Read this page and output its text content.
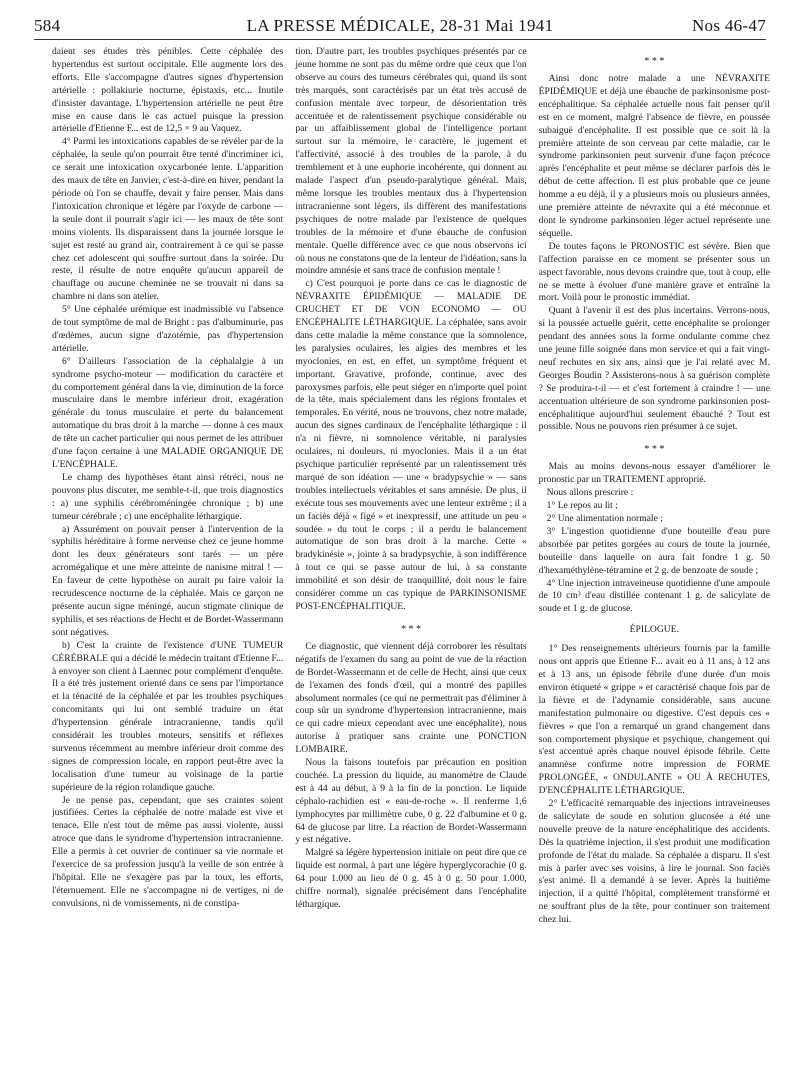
584	LA PRESSE MÉDICALE, 28-31 Mai 1941	Nos 46-47

daient ses études très pénibles. Cette céphalée des hypertendus est surtout occipitale. Elle augmente lors des efforts. Elle s'accompagne d'autres signes d'hypertension artérielle : pollakiurie nocturne, épistaxis, etc... Inutile d'insister davantage. L'hypertension artérielle ne peut être mise en cause dans le cas actuel puisque la pression artérielle d'Etienne F... est de 12,5 × 9 au Vaquez.

4° Parmi les intoxications capables de se révéler par de la céphalée, la seule qu'on pourrait être tenté d'incriminer ici, ce serait une intoxication oxycarbonée lente. L'apparition des maux de tête en Janvier, c'est-à-dire en hiver, pendant la période où l'on se chauffe, devait y faire penser. Mais dans l'intoxication chronique et légère par l'oxyde de carbone — la seule dont il pourrait s'agir ici — les maux de tête sont moins violents. Ils disparaissent dans la journée lorsque le sujet est resté au grand air, contrairement à ce qui se passe chez cet adolescent qui souffre surtout dans la soirée. Du reste, il résulte de notre enquête qu'aucun appareil de chauffage ou aucune cheminée ne se trouvait ni dans sa chambre ni dans son atelier.

5° Une céphalée urémique est inadmissible vu l'absence de tout symptôme de mal de Bright : pas d'albuminurie, pas d'œdèmes, aucun signe d'azotémie, pas d'hypertension artérielle.

6° D'ailleurs l'association de la céphalalgie à un syndrome psycho-moteur — modification du caractère et du comportement général dans la vie, diminution de la force musculaire dans le membre inférieur droit, exagération générale du tonus musculaire et perte du balancement automatique du bras droit à la marche — donne à ces maux de tête un cachet particulier qui nous permet de les attribuer d'une façon certaine à une MALADIE ORGANIQUE DE L'ENCÉPHALE.

Le champ des hypothèses étant ainsi rétréci, nous ne pouvons plus discuter, me semble-t-il, que trois diagnostics : a) une syphilis cérébroméningée chronique ; b) une tumeur cérébrale ; c) une encéphalite léthargique.

a) Assurément on pouvait penser à l'intervention de la syphilis héréditaire à forme nerveuse chez ce jeune homme dont les deux générateurs sont tarés — un père acromégalique et une mère atteinte de nanisme mitral ! — En faveur de cette hypothèse on aurait pu faire valoir la recrudescence nocturne de la céphalée. Mais ce garçon ne présente aucun signe méningé, aucun stigmate clinique de syphilis, et ses réactions de Hecht et de Bordet-Wassermann sont négatives.

b) C'est la crainte de l'existence d'UNE TUMEUR CÉRÉBRALE qui a décidé le médecin traitant d'Etienne F... à envoyer son client à Laennec pour complément d'enquête. Il a été très justement orienté dans ce sens par l'importance et la ténacité de la céphalée et par les troubles psychiques concomitants qui lui ont semblé traduire un état d'hypertension générale intracranienne, tandis qu'il considérait les troubles moteurs, sensitifs et réflexes survenus récemment au membre inférieur droit comme des signes de compression locale, en rapport peut-être avec la localisation d'une tumeur au voisinage de la partie supérieure de la région rolandique gauche.

Je ne pense pas, cependant, que ses craintes soient justifiées. Certes la céphalée de notre malade est vive et tenace. Elle n'est tout de même pas aussi violente, aussi atroce que dans le syndrome d'hypertension intracranienne. Elle a permis à cet ouvrier de continuer sa vie normale et l'exercice de sa profession jusqu'à la veille de son entrée à l'hôpital. Elle ne s'exagère pas par la toux, les efforts, l'éternuement. Elle ne s'accompagne ni de vertiges, ni de convulsions, ni de vomissements, ni de constipa-

tion. D'autre part, les troubles psychiques présentés par ce jeune homme ne sont pas du même ordre que ceux que l'on observe au cours des tumeurs cérébrales qui, quand ils sont très marqués, sont caractérisés par un état très accusé de confusion mentale avec torpeur, de désorientation très accentuée et de ralentissement psychique considérable ou par un affaiblissement global de l'intelligence portant surtout sur la mémoire, le caractère, le jugement et l'affectivité, associé à des troubles de la parole, à du tremblement et à une euphorie incohérente, qui donnent au malade l'aspect d'un pseudo-paralytique général. Mais, même lorsque les troubles mentaux dus à l'hypertension intracranienne sont légers, ils diffèrent des manifestations psychiques de notre malade par l'existence de quelques troubles de la mémoire et d'une ébauche de confusion mentale. Quelle différence avec ce que nous observons ici où nous ne constatons que de la lenteur de l'idéation, sans la moindre amnésie et sans trace de confusion mentale !

c) C'est pourquoi je porte dans ce cas le diagnostic de NÉVRAXITE ÉPIDÉMIQUE — MALADIE DE CRUCHET ET DE VON ECONOMO — OU ENCÉPHALITE LÉTHARGIQUE. La céphalée, sans avoir dans cette maladie la même constance que la somnolence, les paralysies oculaires, les algies des membres et les myoclonies, en est, en effet, un symptôme fréquent et important. Gravative, profonde, continue, avec des paroxysmes parfois, elle peut siéger en n'importe quel point de la tête, mais spécialement dans les régions frontales et temporales. En vérité, nous ne trouvons, chez notre malade, aucun des signes cardinaux de l'encéphalite léthargique : il n'a ni fièvre, ni somnolence véritable, ni paralysies oculaires, ni douleurs, ni myoclonies. Mais il a un état psychique particulier représenté par un ralentissement très marqué de son idéation — une « bradypsychie » — sans troubles intellectuels véritables et sans amnésie. De plus, il exécute tous ses mouvements avec une lenteur extrême ; il a un faciès déjà « figé » et inexpressif, une attitude un peu « soudée » du tout le corps ; il a perdu le balancement automatique de son bras droit à la marche. Cette « bradykinésie », jointe à sa bradypsychie, à son indifférence à tout ce qui se passe autour de lui, à sa constante immobilité et son désir de tranquillité, doit nous le faire considérer comme un cas typique de PARKINSONISME POST-ENCÉPHALITIQUE.

* * *

Ce diagnostic, que viennent déjà corroborer les résultats négatifs de l'examen du sang au point de vue de la réaction de Bordet-Wassermann et de celle de Hecht, ainsi que ceux de l'examen des fonds d'œil, qui a montré des papilles absolument normales (ce qui ne permettrait pas d'éliminer à coup sûr un syndrome d'hypertension intracranienne, mais ce qui cadre mieux cependant avec une encéphalite), nous autorise à pratiquer sans crainte une PONCTION LOMBAIRE.

Nous la faisons toutefois par précaution en position couchée. La pression du liquide, au manomètre de Claude est à 44 au début, à 9 à la fin de la ponction. Le liquide céphalo-rachidien est « eau-de-roche ». Il renferme 1,6 lymphocytes par millimètre cube, 0 g. 22 d'albumine et 0 g. 64 de glucose par litre. La réaction de Bordet-Wassermann y est négative.

Malgré sa légère hypertension initiale on peut dire que ce liquide est normal, à part une légère hyperglycorachie (0 g. 64 pour 1.000 au lieu de 0 g. 45 à 0 g. 50 pour 1.000, chiffre normal), signalée précisément dans l'encéphalite léthargique.

* * *

Ainsi donc notre malade a une NÉVRAXITE ÉPIDÉMIQUE et déjà une ébauche de parkinsonisme post-encéphalitique. Sa céphalée actuelle nous fait penser qu'il est en ce moment, malgré l'absence de fièvre, en poussée subaiguë d'encéphalite. Il est possible que ce soit là la première atteinte de son cerveau par cette maladie, car le syndrome parkinsonien peut survenir d'une façon précoce après l'encéphalite et peut même se déclarer parfois dès le début de cette affection. Il est plus probable que ce jeune homme a eu déjà, il y a plusieurs mois ou plusieurs années, une première atteinte de névraxite qui a été méconnue et dont le syndrome parkinsonien léger actuel représente une séquelle.

De toutes façons le PRONOSTIC est sévère. Bien que l'affection paraisse en ce moment se présenter sous un aspect favorable, nous devons craindre que, tout à coup, elle ne se mette à évoluer d'une manière grave et entraîne la mort. Voilà pour le pronostic immédiat.

Quant à l'avenir il est des plus incertains. Verrons-nous, si la poussée actuelle guérit, cette encéphalite se prolonger pendant des années sous la forme ondulante comme chez une jeune fille soignée dans mon service et qui a fait vingt-neuf rechutes en six ans, ainsi que je l'ai relaté avec M. Georges Boudin ? Assisterons-nous à sa guérison complète ? Se produira-t-il — et c'est fortement à craindre ! — une accentuation ultérieure de son syndrome parkinsonien post-encéphalitique aujourd'hui seulement ébauché ? Tout est possible. Nous ne pouvons rien présumer à ce sujet.

* * *

Mais au moins devons-nous essayer d'améliorer le pronostic par un TRAITEMENT approprié.

Nous allons prescrire :

1° Le repos au lit ;

2° Une alimentation normale ;

3° L'ingestion quotidienne d'une bouteille d'eau pure absorbée par petites gorgées au cours de toute la journée, bouteille dans laquelle on aura fait fondre 1 g. 50 d'hexaméthylène-tétramine et 2 g. de benzoate de soude ;

4° Une injection intraveineuse quotidienne d'une ampoule de 10 cm³ d'eau distillée contenant 1 g. de salicylate de soude et 1 g. de glucose.

ÉPILOGUE.

1° Des renseignements ultérieurs fournis par la famille nous ont appris que Etienne F... avait eu à 11 ans, à 12 ans et à 13 ans, un épisode fébrile d'une durée d'un mois environ étiqueté « grippe » et caractérisé chaque fois par de la fièvre et de l'adynamie considérable, sans aucune manifestation pulmonaire ou digestive. C'est depuis ces « fièvres » que l'on a remarqué un grand changement dans son comportement physique et psychique, changement qui s'est accentué après chaque nouvel épisode fébrile. Cette anamnèse confirme notre impression de FORME PROLONGÉE, « ONDULANTE » OU À RECHUTES, D'ENCÉPHALITE LÉTHARGIQUE.

2° L'efficacité remarquable des injections intraveineuses de salicylate de soude en solution glucosée a été une nouvelle preuve de la nature encéphalitique des accidents. Dès la quatrième injection, il s'est produit une modification profonde de l'état du malade. Sa céphalée a disparu. Il s'est mis à parler avec ses voisins, à lire le journal. Son faciès s'est animé. Il a demandé à se lever. Après la huitième injection, il a quitté l'hôpital, complètement transformé et ne souffrant plus de la tête, pour continuer son traitement chez lui.
